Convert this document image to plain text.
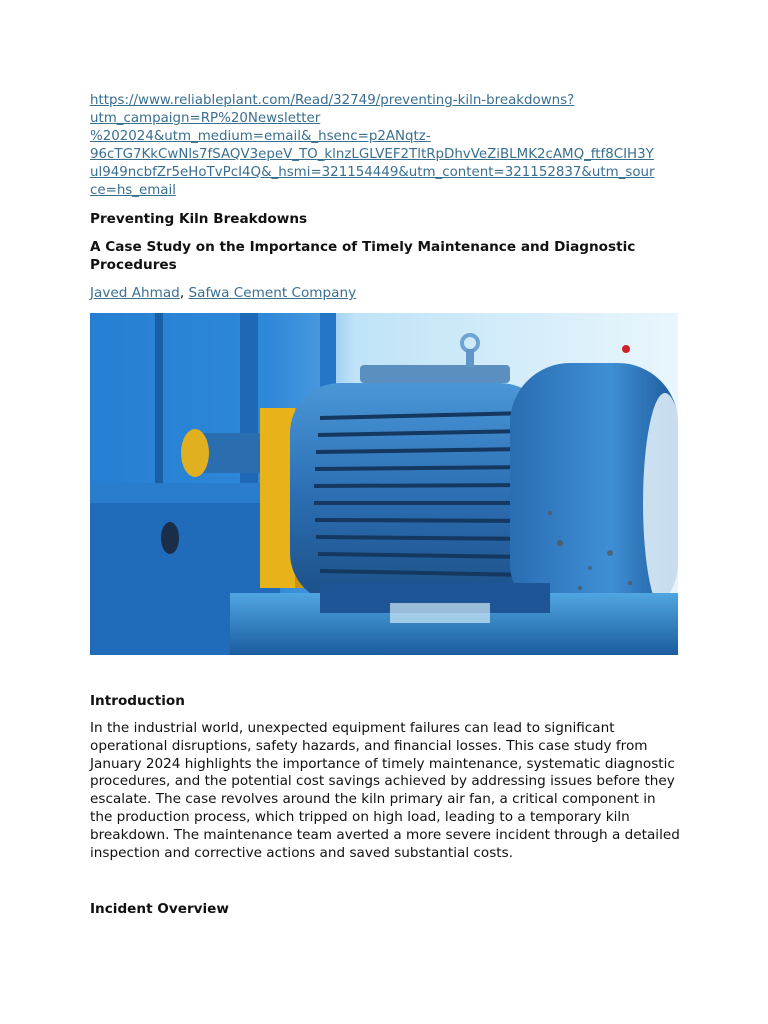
https://www.reliableplant.com/Read/32749/preventing-kiln-breakdowns?
utm_campaign=RP%20Newsletter
%202024&utm_medium=email&_hsenc=p2ANqtz-
96cTG7KkCwNls7fSAQV3epeV_TO_klnzLGLVEF2TltRpDhvVeZiBLMK2cAMQ_ftf8CIH3Y
ul949ncbfZr5eHoTvPcI4Q&_hsmi=321154449&utm_content=321152837&utm_sour
ce=hs_email

Preventing Kiln Breakdowns

A Case Study on the Importance of Timely Maintenance and Diagnostic Procedures

Javed Ahmad, Safwa Cement Company

Introduction

In the industrial world, unexpected equipment failures can lead to significant operational disruptions, safety hazards, and financial losses. This case study from January 2024 highlights the importance of timely maintenance, systematic diagnostic procedures, and the potential cost savings achieved by addressing issues before they escalate. The case revolves around the kiln primary air fan, a critical component in the production process, which tripped on high load, leading to a temporary kiln breakdown. The maintenance team averted a more severe incident through a detailed inspection and corrective actions and saved substantial costs.

Incident Overview
